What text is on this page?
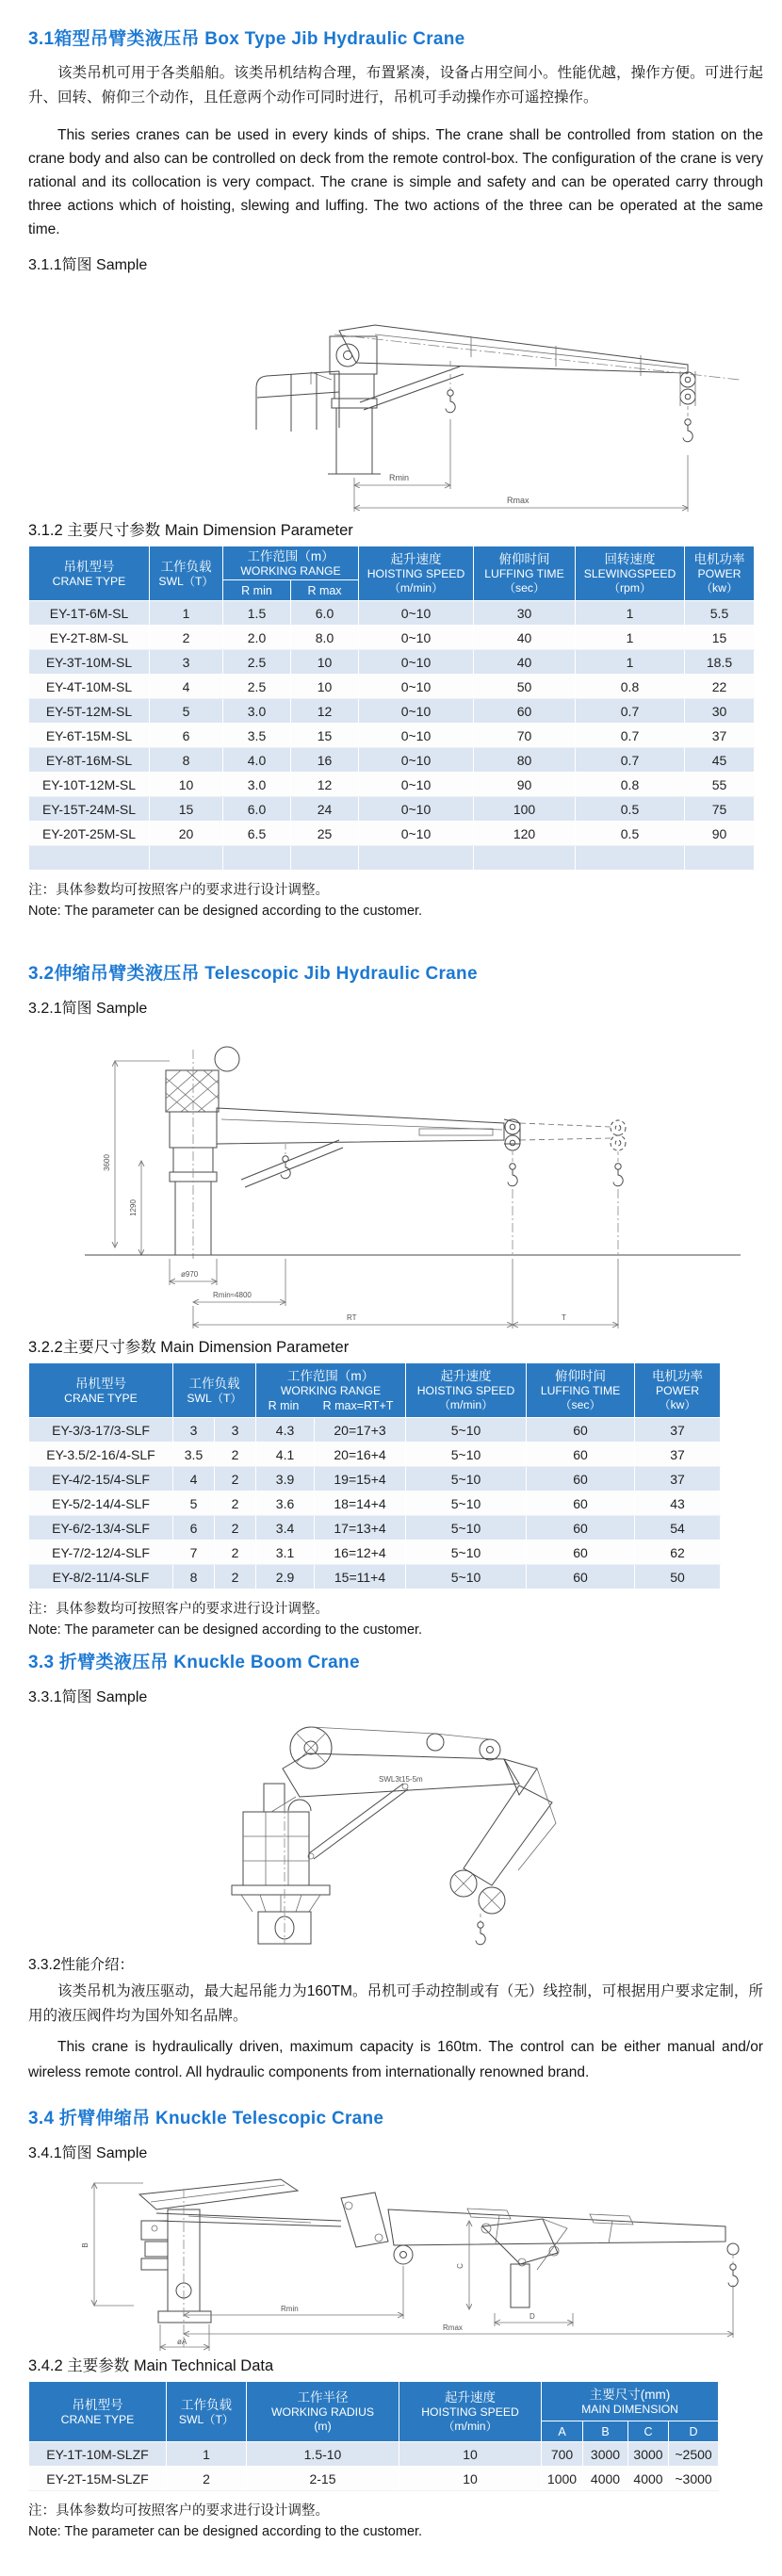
3.1箱型吊臂类液压吊 Box Type Jib Hydraulic Crane

该类吊机可用于各类船舶。该类吊机结构合理，布置紧凑，设备占用空间小。性能优越，操作方便。可进行起升、回转、俯仰三个动作，且任意两个动作可同时进行，吊机可手动操作亦可遥控操作。

This series cranes can be used in every kinds of ships. The crane shall be controlled from station on the crane body and also can be controlled on deck from the remote control-box. The configuration of the crane is very rational and its collocation is very compact. The crane is simple and safety and can be operated carry through three actions which of hoisting, slewing and luffing. The two actions of the three can be operated at the same time.

3.1.1简图 Sample
Rmin
Rmax
3.1.2 主要尺寸参数 Main Dimension Parameter
吊机型号
CRANE TYPE

工作负载
SWL（T）

工作范围（m）
WORKING RANGE

起升速度
HOISTING SPEED
（m/min）

俯仰时间
LUFFING TIME
（sec）

回转速度
SLEWINGSPEED
（rpm）

电机功率
POWER
（kw）

		R min	R max				
EY-1T-6M-SL	1	1.5	6.0	0~10	30	1	5.5
EY-2T-8M-SL	2	2.0	8.0	0~10	40	1	15
EY-3T-10M-SL	3	2.5	10	0~10	40	1	18.5
EY-4T-10M-SL	4	2.5	10	0~10	50	0.8	22
EY-5T-12M-SL	5	3.0	12	0~10	60	0.7	30
EY-6T-15M-SL	6	3.5	15	0~10	70	0.7	37
EY-8T-16M-SL	8	4.0	16	0~10	80	0.7	45
EY-10T-12M-SL	10	3.0	12	0~10	90	0.8	55
EY-15T-24M-SL	15	6.0	24	0~10	100	0.5	75
EY-20T-25M-SL	20	6.5	25	0~10	120	0.5	90

注：具体参数均可按照客户的要求进行设计调整。
Note: The parameter can be designed according to the customer.

3.2伸缩吊臂类液压吊 Telescopic Jib Hydraulic Crane
3.2.1简图 Sample
3600
1290
ø970
Rmin≈4800
RT	T
3.2.2主要尺寸参数 Main Dimension Parameter
吊机型号
CRANE TYPE

工作负载
SWL（T）

工作范围（m）
WORKING RANGE
R min R max=RT+T

起升速度
HOISTING SPEED
（m/min）

俯仰时间
LUFFING TIME
（sec）

电机功率
POWER
（kw）

EY-3/3-17/3-SLF	3	3	4.3	20=17+3	5~10	60	37
EY-3.5/2-16/4-SLF	3.5	2	4.1	20=16+4	5~10	60	37
EY-4/2-15/4-SLF	4	2	3.9	19=15+4	5~10	60	37
EY-5/2-14/4-SLF	5	2	3.6	18=14+4	5~10	60	43
EY-6/2-13/4-SLF	6	2	3.4	17=13+4	5~10	60	54
EY-7/2-12/4-SLF	7	2	3.1	16=12+4	5~10	60	62
EY-8/2-11/4-SLF	8	2	2.9	15=11+4	5~10	60	50

注：具体参数均可按照客户的要求进行设计调整。
Note: The parameter can be designed according to the customer.

3.3 折臂类液压吊 Knuckle Boom Crane
3.3.1简图 Sample
SWL3t15-5m
3.3.2性能介绍：

该类吊机为液压驱动，最大起吊能力为160TM。吊机可手动控制或有（无）线控制，可根据用户要求定制，所用的液压阀件均为国外知名品牌。

This crane is hydraulically driven, maximum capacity is 160tm. The control can be either manual and/or wireless remote control. All hydraulic components from internationally renowned brand.

3.4 折臂伸缩吊 Knuckle Telescopic Crane
3.4.1简图 Sample
B
C
D
Rmin
Rmax
øA
3.4.2 主要参数 Main Technical Data
吊机型号
CRANE TYPE

工作负载
SWL（T）

工作半径
WORKING RADIUS
(m)

起升速度
HOISTING SPEED
（m/min）

主要尺寸(mm)
MAIN DIMENSION

				A	B	C	D
EY-1T-10M-SLZF	1	1.5-10	10	700	3000	3000	~2500
EY-2T-15M-SLZF	2	2-15	10	1000	4000	4000	~3000

注：具体参数均可按照客户的要求进行设计调整。
Note: The parameter can be designed according to the customer.
